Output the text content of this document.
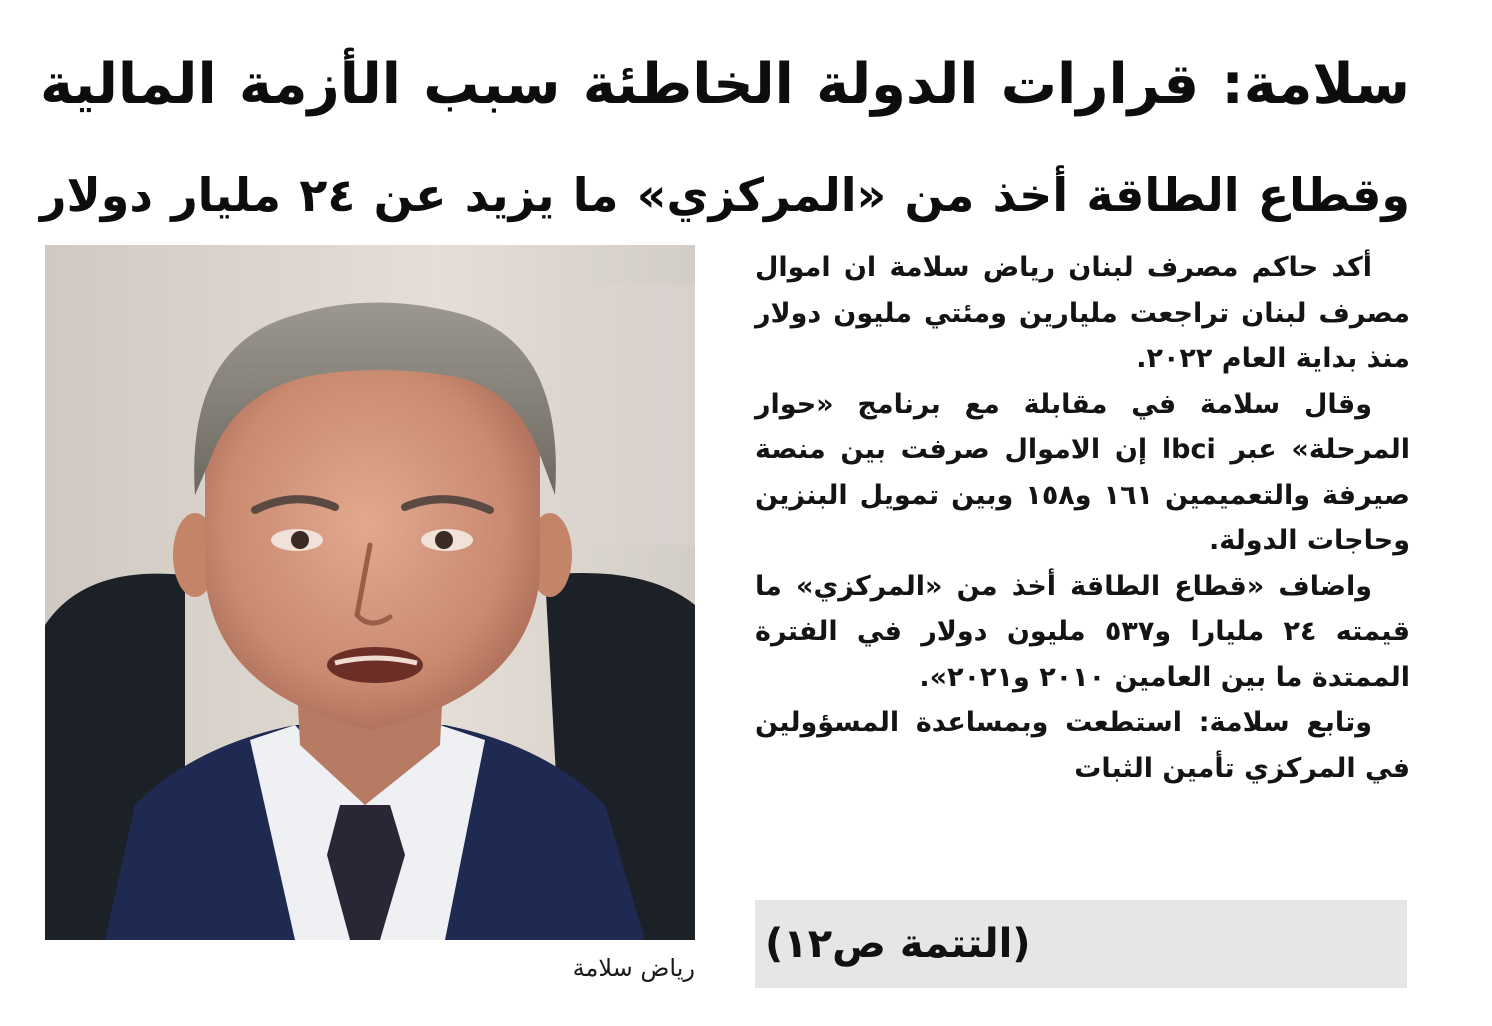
سلامة: قرارات الدولة الخاطئة سبب الأزمة المالية
وقطاع الطاقة أخذ من «المركزي» ما يزيد عن ٢٤ مليار دولار
رياض سلامة

أكد حاكم مصرف لبنان رياض سلامة ان اموال مصرف لبنان تراجعت مليارين ومئتي مليون دولار منذ بداية العام ٢٠٢٢.

وقال سلامة في مقابلة مع برنامج «حوار المرحلة» عبر lbci إن الاموال صرفت بين منصة صيرفة والتعميمين ١٦١ و١٥٨ وبين تمويل البنزين وحاجات الدولة.

واضاف «قطاع الطاقة أخذ من «المركزي» ما قيمته ٢٤ مليارا و٥٣٧ مليون دولار في الفترة الممتدة ما بين العامين ٢٠١٠ و٢٠٢١».

وتابع سلامة: استطعت وبمساعدة المسؤولين في المركزي تأمين الثبات

(التتمة ص١٢)
